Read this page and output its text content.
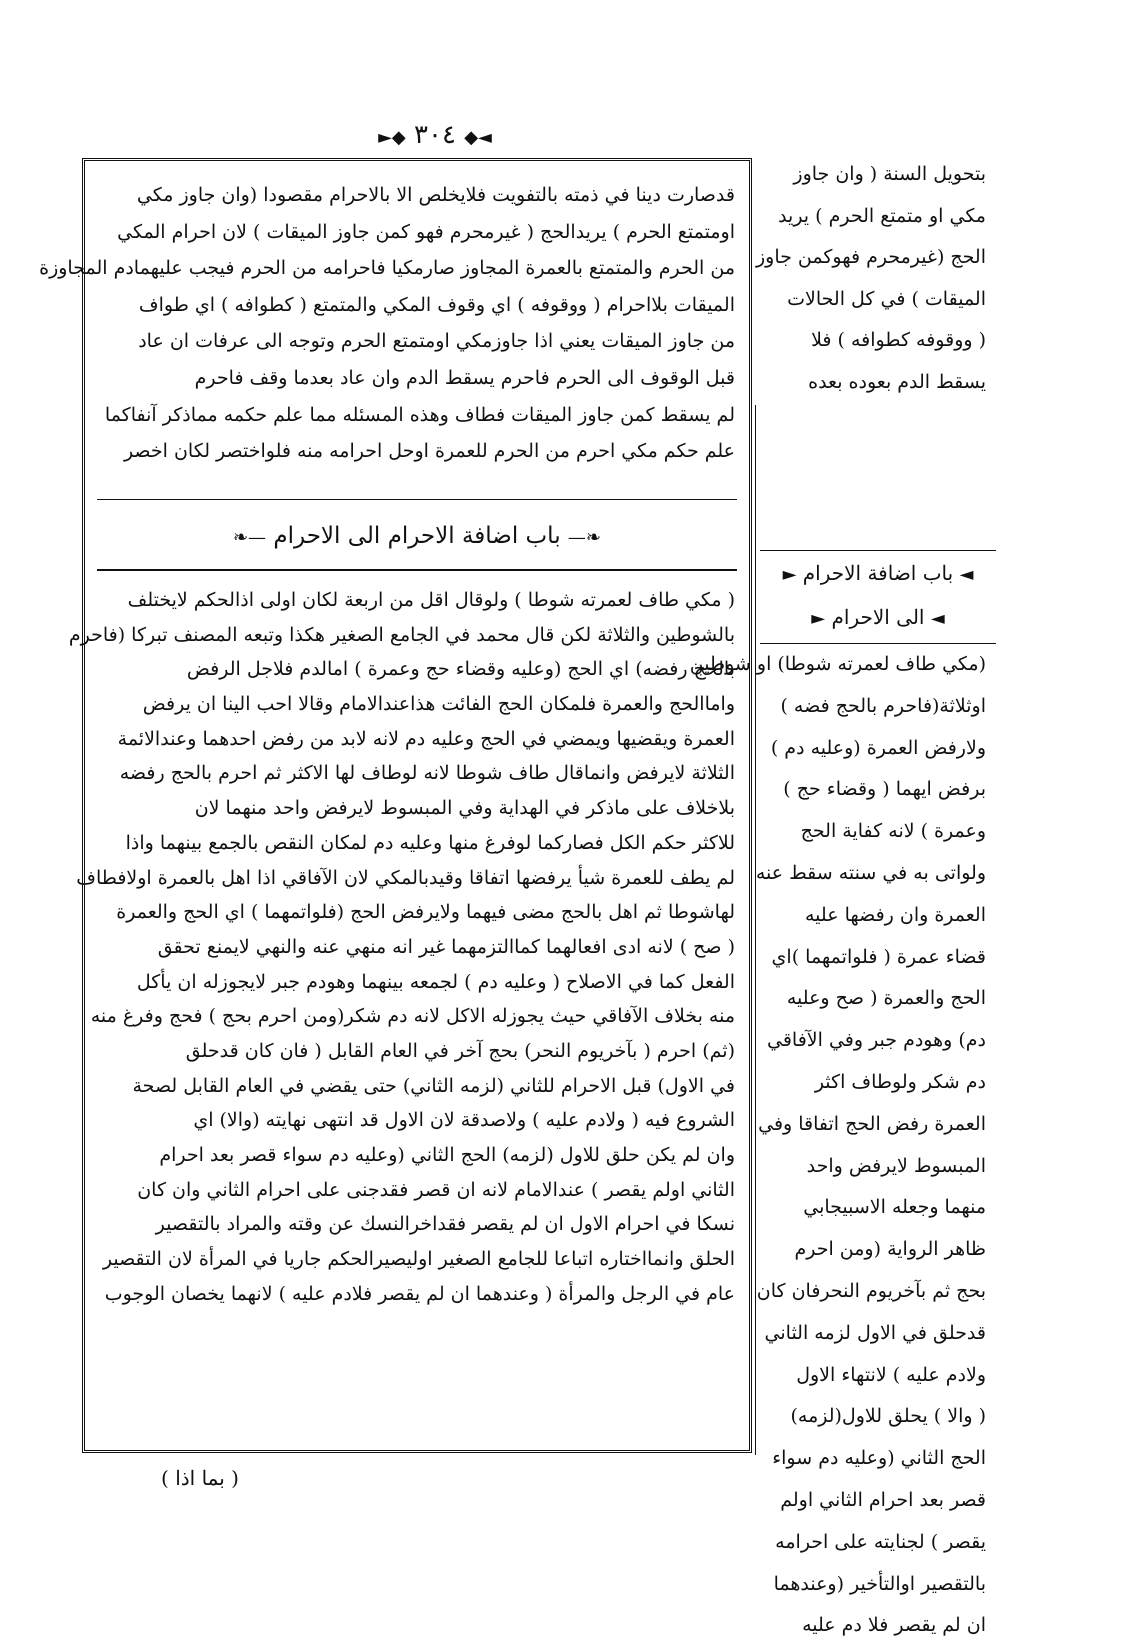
◄◆ ٣٠٤ ◆►
قدصارت دينا في ذمته بالتفويت فلايخلص الا بالاحرام مقصودا (وان جاوز مكي
اومتمتع الحرم ) يريدالحج ( غيرمحرم فهو كمن جاوز الميقات ) لان احرام المكي
من الحرم والمتمتع بالعمرة المجاوز صارمكيا فاحرامه من الحرم فيجب عليهمادم المجاوزة
الميقات بلااحرام ( ووقوفه ) اي وقوف المكي والمتمتع ( كطوافه ) اي طواف
من جاوز الميقات يعني اذا جاوزمكي اومتمتع الحرم وتوجه الى عرفات ان عاد
قبل الوقوف الى الحرم فاحرم يسقط الدم وان عاد بعدما وقف فاحرم
لم يسقط كمن جاوز الميقات فطاف وهذه المسئله مما علم حكمه مماذكر آنفاكما
علم حكم مكي احرم من الحرم للعمرة اوحل احرامه منه فلواختصر لكان اخصر
❧— باب اضافة الاحرام الى الاحرام —❧
( مكي طاف لعمرته شوطا ) ولوقال اقل من اربعة لكان اولى اذالحكم لايختلف
بالشوطين والثلاثة لكن قال محمد في الجامع الصغير هكذا وتبعه المصنف تبركا (فاحرم
بالحج رفضه) اي الحج (وعليه وقضاء حج وعمرة ) امالدم فلاجل الرفض
واماالحج والعمرة فلمكان الحج الفائت هذاعندالامام وقالا احب الينا ان يرفض
العمرة ويقضيها ويمضي في الحج وعليه دم لانه لابد من رفض احدهما وعندالائمة
الثلاثة لايرفض وانماقال طاف شوطا لانه لوطاف لها الاكثر ثم احرم بالحج رفضه
بلاخلاف على ماذكر في الهداية وفي المبسوط لايرفض واحد منهما لان
للاكثر حكم الكل فصاركما لوفرغ منها وعليه دم لمكان النقص بالجمع بينهما واذا
لم يطف للعمرة شيأ يرفضها اتفاقا وقيدبالمكي لان الآفاقي اذا اهل بالعمرة اولافطاف
لهاشوطا ثم اهل بالحج مضى فيهما ولايرفض الحج (فلواتمهما ) اي الحج والعمرة
( صح ) لانه ادى افعالهما كماالتزمهما غير انه منهي عنه والنهي لايمنع تحقق
الفعل كما في الاصلاح ( وعليه دم ) لجمعه بينهما وهودم جبر لايجوزله ان يأكل
منه بخلاف الآفاقي حيث يجوزله الاكل لانه دم شكر(ومن احرم بحج ) فحج وفرغ منه
(ثم) احرم ( بآخريوم النحر) بحج آخر في العام القابل ( فان كان قدحلق
في الاول) قبل الاحرام للثاني (لزمه الثاني) حتى يقضي في العام القابل لصحة
الشروع فيه ( ولادم عليه ) ولاصدقة لان الاول قد انتهى نهايته (والا) اي
وان لم يكن حلق للاول (لزمه) الحج الثاني (وعليه دم سواء قصر بعد احرام
الثاني اولم يقصر ) عندالامام لانه ان قصر فقدجنى على احرام الثاني وان كان
نسكا في احرام الاول ان لم يقصر فقداخرالنسك عن وقته والمراد بالتقصير
الحلق وانمااختاره اتباعا للجامع الصغير اوليصيرالحكم جاريا في المرأة لان التقصير
عام في الرجل والمرأة ( وعندهما ان لم يقصر فلادم عليه ) لانهما يخصان الوجوب
بتحويل السنة ( وان جاوز
مكي او متمتع الحرم ) يريد
الحج (غيرمحرم فهوكمن جاوز
الميقات ) في كل الحالات
( ووقوفه كطوافه ) فلا
يسقط الدم بعوده بعده
◄ باب اضافة الاحرام ►
◄ الى الاحرام ►
(مكي طاف لعمرته شوطا) او شوطين
اوثلاثة(فاحرم بالحج فضه )
ولارفض العمرة (وعليه دم )
برفض ايهما ( وقضاء حج )
وعمرة ) لانه كفاية الحج
ولواتى به في سنته سقط عنه
العمرة وان رفضها عليه
قضاء عمرة ( فلواتمهما )اي
الحج والعمرة ( صح وعليه
دم) وهودم جبر وفي الآفاقي
دم شكر ولوطاف اكثر
العمرة رفض الحج اتفاقا وفي
المبسوط لايرفض واحد
منهما وجعله الاسبيجابي
ظاهر الرواية (ومن احرم
بحج ثم بآخريوم النحرفان كان
قدحلق في الاول لزمه الثاني
ولادم عليه ) لانتهاء الاول
( والا ) يحلق للاول(لزمه)
الحج الثاني (وعليه دم سواء
قصر بعد احرام الثاني اولم
يقصر ) لجنايته على احرامه
بالتقصير اوالتأخير (وعندهما
ان لم يقصر فلا دم عليه
( بما اذا )
